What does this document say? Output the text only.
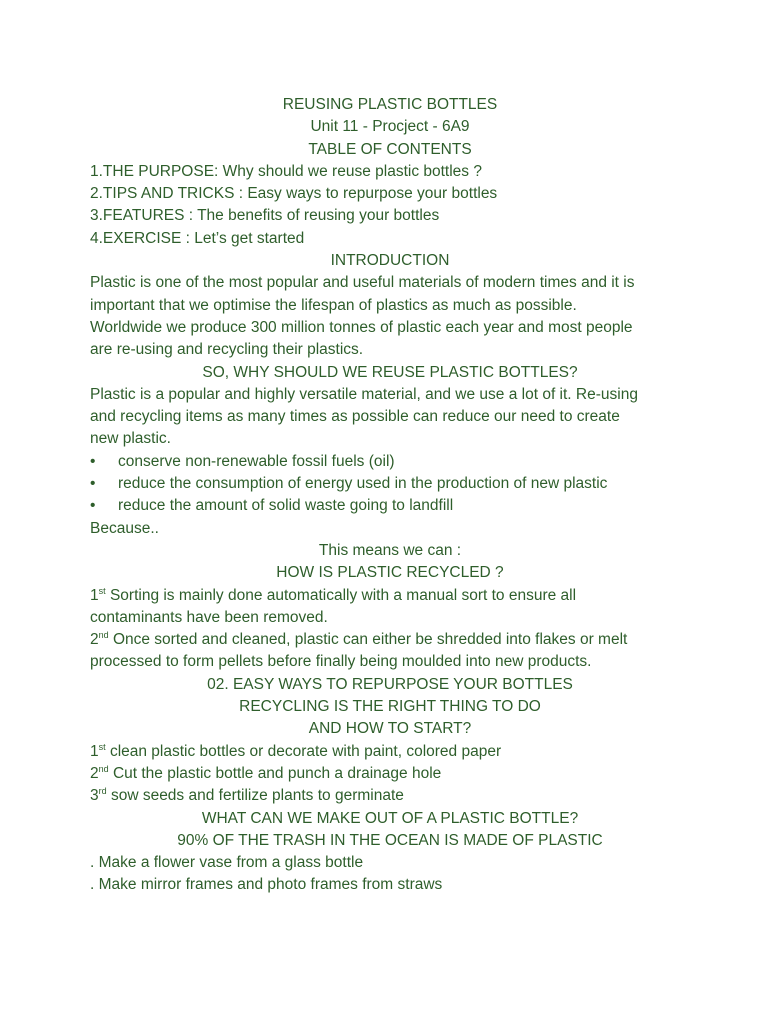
REUSING PLASTIC BOTTLES
Unit 11 - Procject - 6A9
TABLE OF CONTENTS
1.THE PURPOSE: Why should we reuse plastic bottles ?
2.TIPS AND TRICKS : Easy ways to repurpose your bottles
3.FEATURES : The benefits of reusing your bottles
4.EXERCISE : Let’s get started
INTRODUCTION
Plastic is one of the most popular and useful materials of modern times and it is
important that we optimise the lifespan of plastics as much as possible.
Worldwide we produce 300 million tonnes of plastic each year and most people
are re-using and recycling their plastics.
SO, WHY SHOULD WE REUSE PLASTIC BOTTLES?
Plastic is a popular and highly versatile material, and we use a lot of it. Re-using
and recycling items as many times as possible can reduce our need to create
new plastic.
•	conserve non-renewable fossil fuels (oil)
•	reduce the consumption of energy used in the production of new plastic
•	reduce the amount of solid waste going to landfill
Because..
This means we can :
HOW IS PLASTIC RECYCLED ?
1st Sorting is mainly done automatically with a manual sort to ensure all
contaminants have been removed.
2nd Once sorted and cleaned, plastic can either be shredded into flakes or melt
processed to form pellets before finally being moulded into new products.
02. EASY WAYS TO REPURPOSE YOUR BOTTLES
RECYCLING IS THE RIGHT THING TO DO
AND HOW TO START?
1st clean plastic bottles or decorate with paint, colored paper
2nd Cut the plastic bottle and punch a drainage hole
3rd sow seeds and fertilize plants to germinate
WHAT CAN WE MAKE OUT OF A PLASTIC BOTTLE?
90% OF THE TRASH IN THE OCEAN IS MADE OF PLASTIC
. Make a flower vase from a glass bottle
. Make mirror frames and photo frames from straws
